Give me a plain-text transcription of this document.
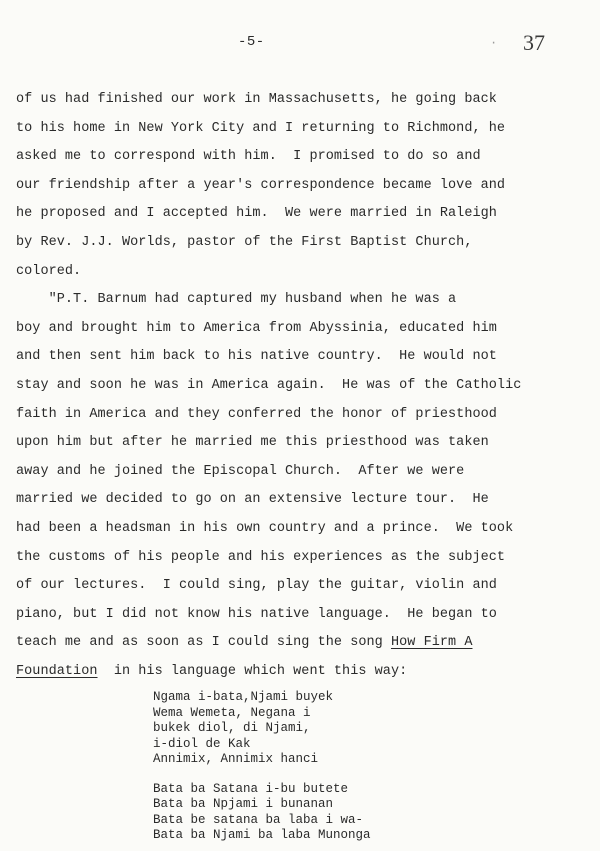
-5-	· 37
of us had finished our work in Massachusetts, he going back
to his home in New York City and I returning to Richmond, he
asked me to correspond with him.  I promised to do so and
our friendship after a year's correspondence became love and
he proposed and I accepted him.  We were married in Raleigh
by Rev. J.J. Worlds, pastor of the First Baptist Church,
colored.
"P.T. Barnum had captured my husband when he was a
boy and brought him to America from Abyssinia, educated him
and then sent him back to his native country.  He would not
stay and soon he was in America again.  He was of the Catholic
faith in America and they conferred the honor of priesthood
upon him but after he married me this priesthood was taken
away and he joined the Episcopal Church.  After we were
married we decided to go on an extensive lecture tour.  He
had been a headsman in his own country and a prince.  We took
the customs of his people and his experiences as the subject
of our lectures.  I could sing, play the guitar, violin and
piano, but I did not know his native language.  He began to
teach me and as soon as I could sing the song How Firm A
Foundation  in his language which went this way:
Ngama i-bata,Njami buyek
Wema Wemeta, Negana i
bukek diol, di Njami,
i-diol de Kak
Annimix, Annimix hanci
Bata ba Satana i-bu butete
Bata ba Npjami i bunanan
Bata be satana ba laba i wa-
Bata ba Njami ba laba Munonga
